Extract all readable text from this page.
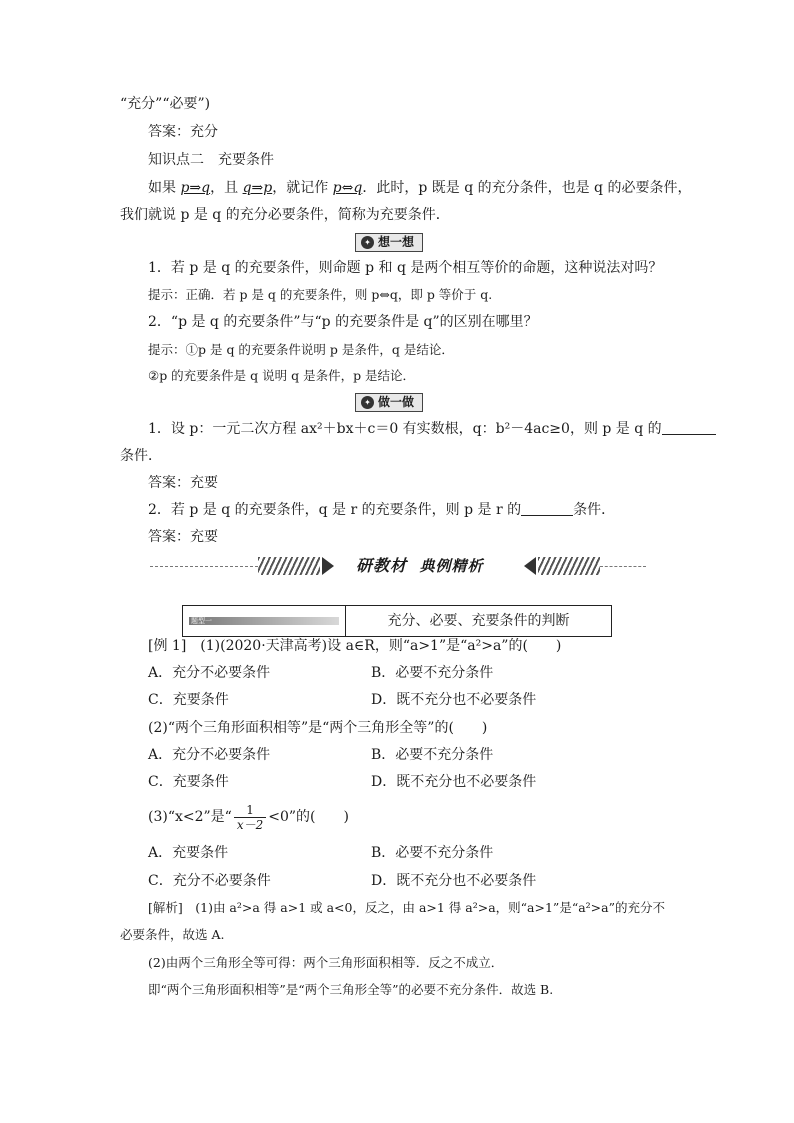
“充分”“必要”)
答案：充分
知识点二　充要条件
如果 p⇒q，且 q⇒p，就记作 p⇔q．此时，p 既是 q 的充分条件，也是 q 的必要条件，
我们就说 p 是 q 的充分必要条件，简称为充要条件．
✦ 想一想
1．若 p 是 q 的充要条件，则命题 p 和 q 是两个相互等价的命题，这种说法对吗？
提示：正确．若 p 是 q 的充要条件，则 p⇔q，即 p 等价于 q.
2．“p 是 q 的充要条件”与“p 的充要条件是 q”的区别在哪里？
提示：①p 是 q 的充要条件说明 p 是条件，q 是结论．
②p 的充要条件是 q 说明 q 是条件，p 是结论．
✦ 做一做
1．设 p：一元二次方程 ax²＋bx＋c＝0 有实数根，q：b²－4ac≥0，则 p 是 q 的
条件．
答案：充要
2．若 p 是 q 的充要条件，q 是 r 的充要条件，则 p 是 r 的	条件．
答案：充要
研教材 典例精析
题型一	充分、必要、充要条件的判断
[例 1]　(1)(2020·天津高考)设 a∈R，则“a>1”是“a²>a”的(　　)
A．充分不必要条件	B．必要不充分条件
C．充要条件	D．既不充分也不必要条件
(2)“两个三角形面积相等”是“两个三角形全等”的(　　)
A．充分不必要条件	B．必要不充分条件
C．充要条件	D．既不充分也不必要条件
(3)“x<2”是“ $\frac{1}{x-2} <0$”的(　　)
A．充要条件	B．必要不充分条件
C．充分不必要条件	D．既不充分也不必要条件
[解析]　(1)由 a²>a 得 a>1 或 a<0，反之，由 a>1 得 a²>a，则“a>1”是“a²>a”的充分不
必要条件，故选 A.
(2)由两个三角形全等可得：两个三角形面积相等．反之不成立．
即“两个三角形面积相等”是“两个三角形全等”的必要不充分条件．故选 B.
